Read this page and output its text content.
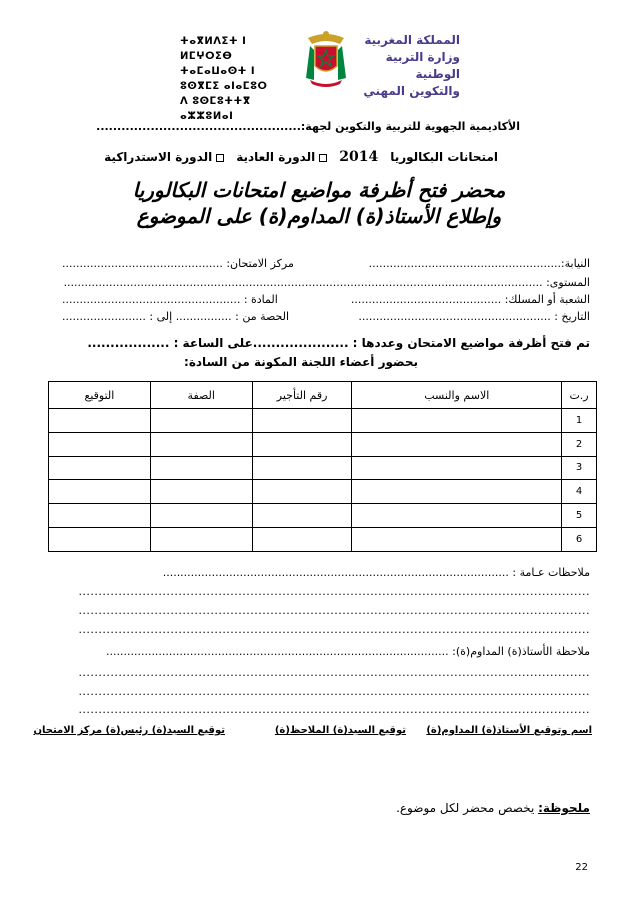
ⵜⴰⴳⵍⴷⵉⵜ ⵏ ⵍⵎⵖⵔⵉⴱ
ⵜⴰⵎⴰⵡⴰⵙⵜ ⵏ ⵓⵙⴳⵎⵉ ⴰⵏⴰⵎⵓⵔ
ⴷ ⵓⵙⵎⵓⵜⵜⴳ ⴰⵣⵣⵓⵍⴰⵏ
المملكة المغربية
وزارة التربية الوطنية
والتكوين المهني
الأكاديمية الجهوية للتربية والتكوين لجهة:.................................................
امتحانات البكالوريا
2014
الدورة العادية
الدورة الاستدراكية
محضر فتح أظرفة مواضيع امتحانات البكالوريا
وإطلاع الأستاذ(ة) المداوم(ة) على الموضوع
النيابة:.......................................................
مركز الامتحان: ..............................................
المستوى: .........................................................................................................................................
الشعبة أو المسلك: ...........................................
المادة : ...................................................
التاريخ : .......................................................
الحصة من : ................ إلى : ........................
تم فتح أظرفة مواضيع الامتحان وعددها : .....................على الساعة : ..................
بحضور أعضاء اللجنة المكونة من السادة:
ر.ت	الاسم والنسب	رقم التأجير	الصفة	التوقيع
1				
2				
3				
4				
5				
6				
ملاحظات عـامة : ...................................................................................................
................................................................................................................................
................................................................................................................................
................................................................................................................................
ملاحظة الأستاذ(ة) المداوم(ة): ..................................................................................................
................................................................................................................................
................................................................................................................................
................................................................................................................................
اسم وتوقيع الأستاذ(ة) المداوم(ة)
توقيع السيد(ة) الملاحظ(ة)
توقيع السيد(ة) رئيس(ة) مركز الامتحان
ملحوظة: يخصص محضر لكل موضوع.
22
